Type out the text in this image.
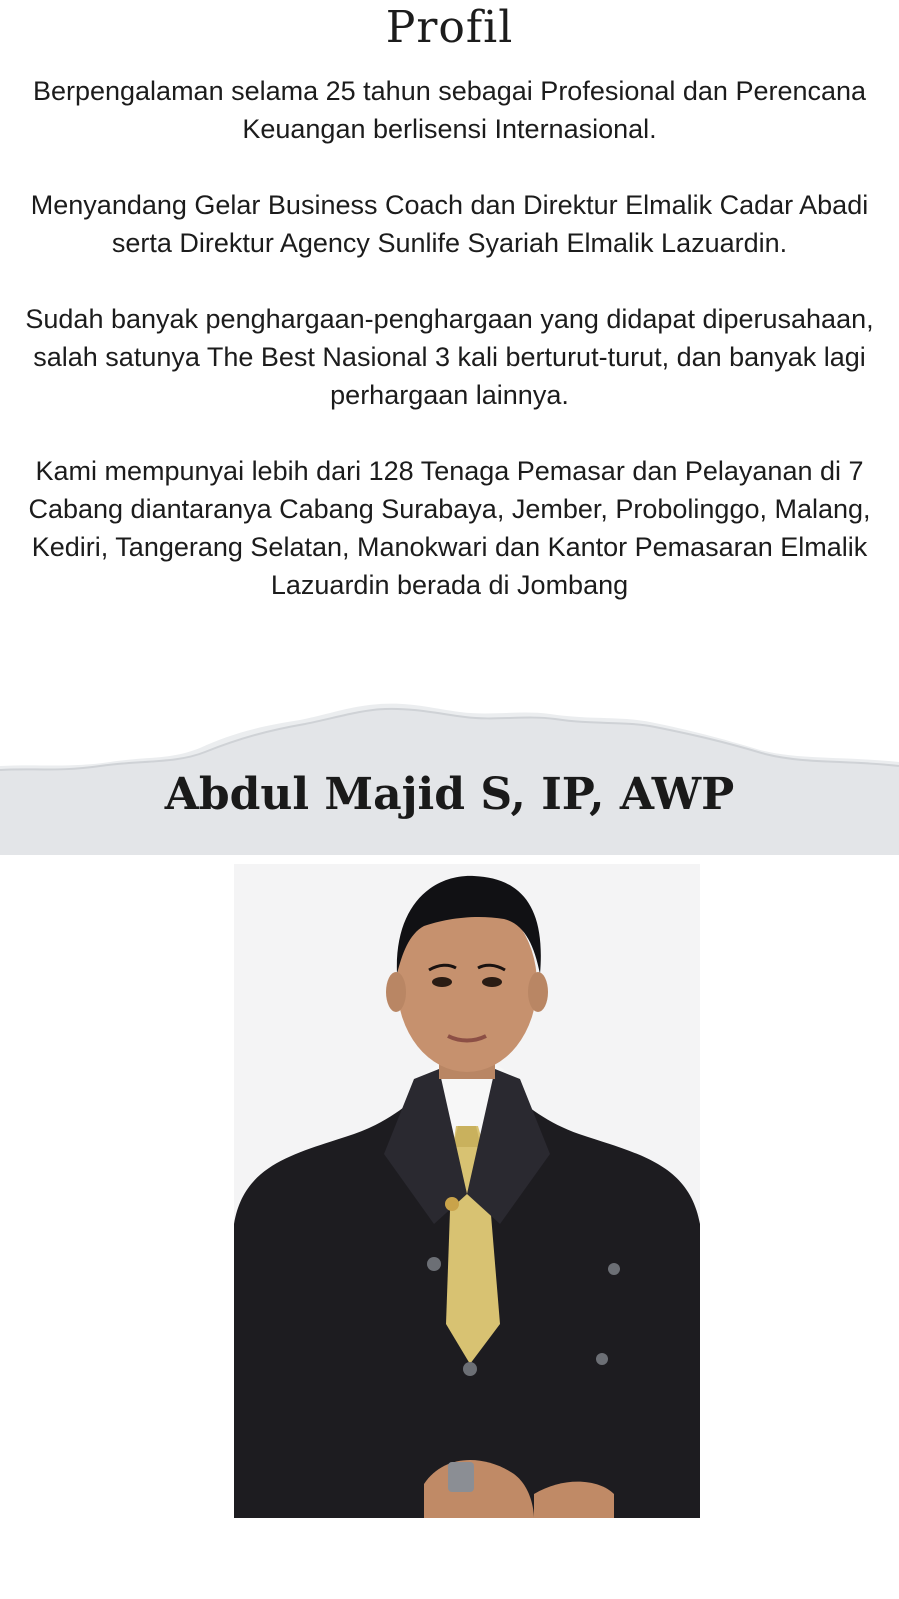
Profil

Berpengalaman selama 25 tahun sebagai Profesional dan Perencana Keuangan berlisensi Internasional.

Menyandang Gelar Business Coach dan Direktur Elmalik Cadar Abadi serta Direktur Agency Sunlife Syariah Elmalik Lazuardin.

Sudah banyak penghargaan-penghargaan yang didapat diperusahaan, salah satunya The Best Nasional 3 kali berturut-turut, dan banyak lagi perhargaan lainnya.

Kami mempunyai lebih dari 128 Tenaga Pemasar dan Pelayanan di 7 Cabang diantaranya Cabang Surabaya, Jember, Probolinggo, Malang, Kediri, Tangerang Selatan, Manokwari dan Kantor Pemasaran Elmalik Lazuardin berada di Jombang

Abdul Majid S, IP, AWP
